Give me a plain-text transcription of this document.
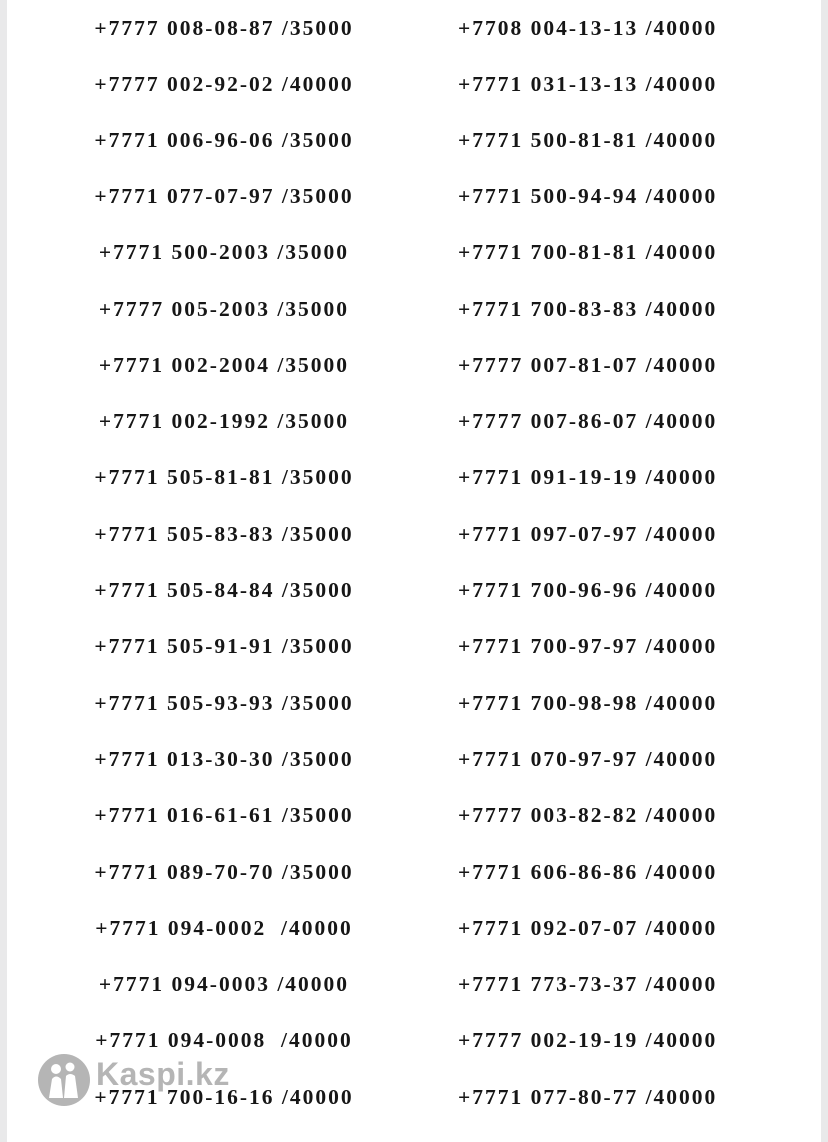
+7777 008-08-87 /35000
+7777 002-92-02 /40000
+7771 006-96-06 /35000
+7771 077-07-97 /35000
+7771 500-2003 /35000
+7777 005-2003 /35000
+7771 002-2004 /35000
+7771 002-1992 /35000
+7771 505-81-81 /35000
+7771 505-83-83 /35000
+7771 505-84-84 /35000
+7771 505-91-91 /35000
+7771 505-93-93 /35000
+7771 013-30-30 /35000
+7771 016-61-61 /35000
+7771 089-70-70 /35000
+7771 094-0002  /40000
+7771 094-0003 /40000
+7771 094-0008  /40000
+7771 700-16-16 /40000
+7708 004-13-13 /40000
+7771 031-13-13 /40000
+7771 500-81-81 /40000
+7771 500-94-94 /40000
+7771 700-81-81 /40000
+7771 700-83-83 /40000
+7777 007-81-07 /40000
+7777 007-86-07 /40000
+7771 091-19-19 /40000
+7771 097-07-97 /40000
+7771 700-96-96 /40000
+7771 700-97-97 /40000
+7771 700-98-98 /40000
+7771 070-97-97 /40000
+7777 003-82-82 /40000
+7771 606-86-86 /40000
+7771 092-07-07 /40000
+7771 773-73-37 /40000
+7777 002-19-19 /40000
+7771 077-80-77 /40000
Kaspi.kz
